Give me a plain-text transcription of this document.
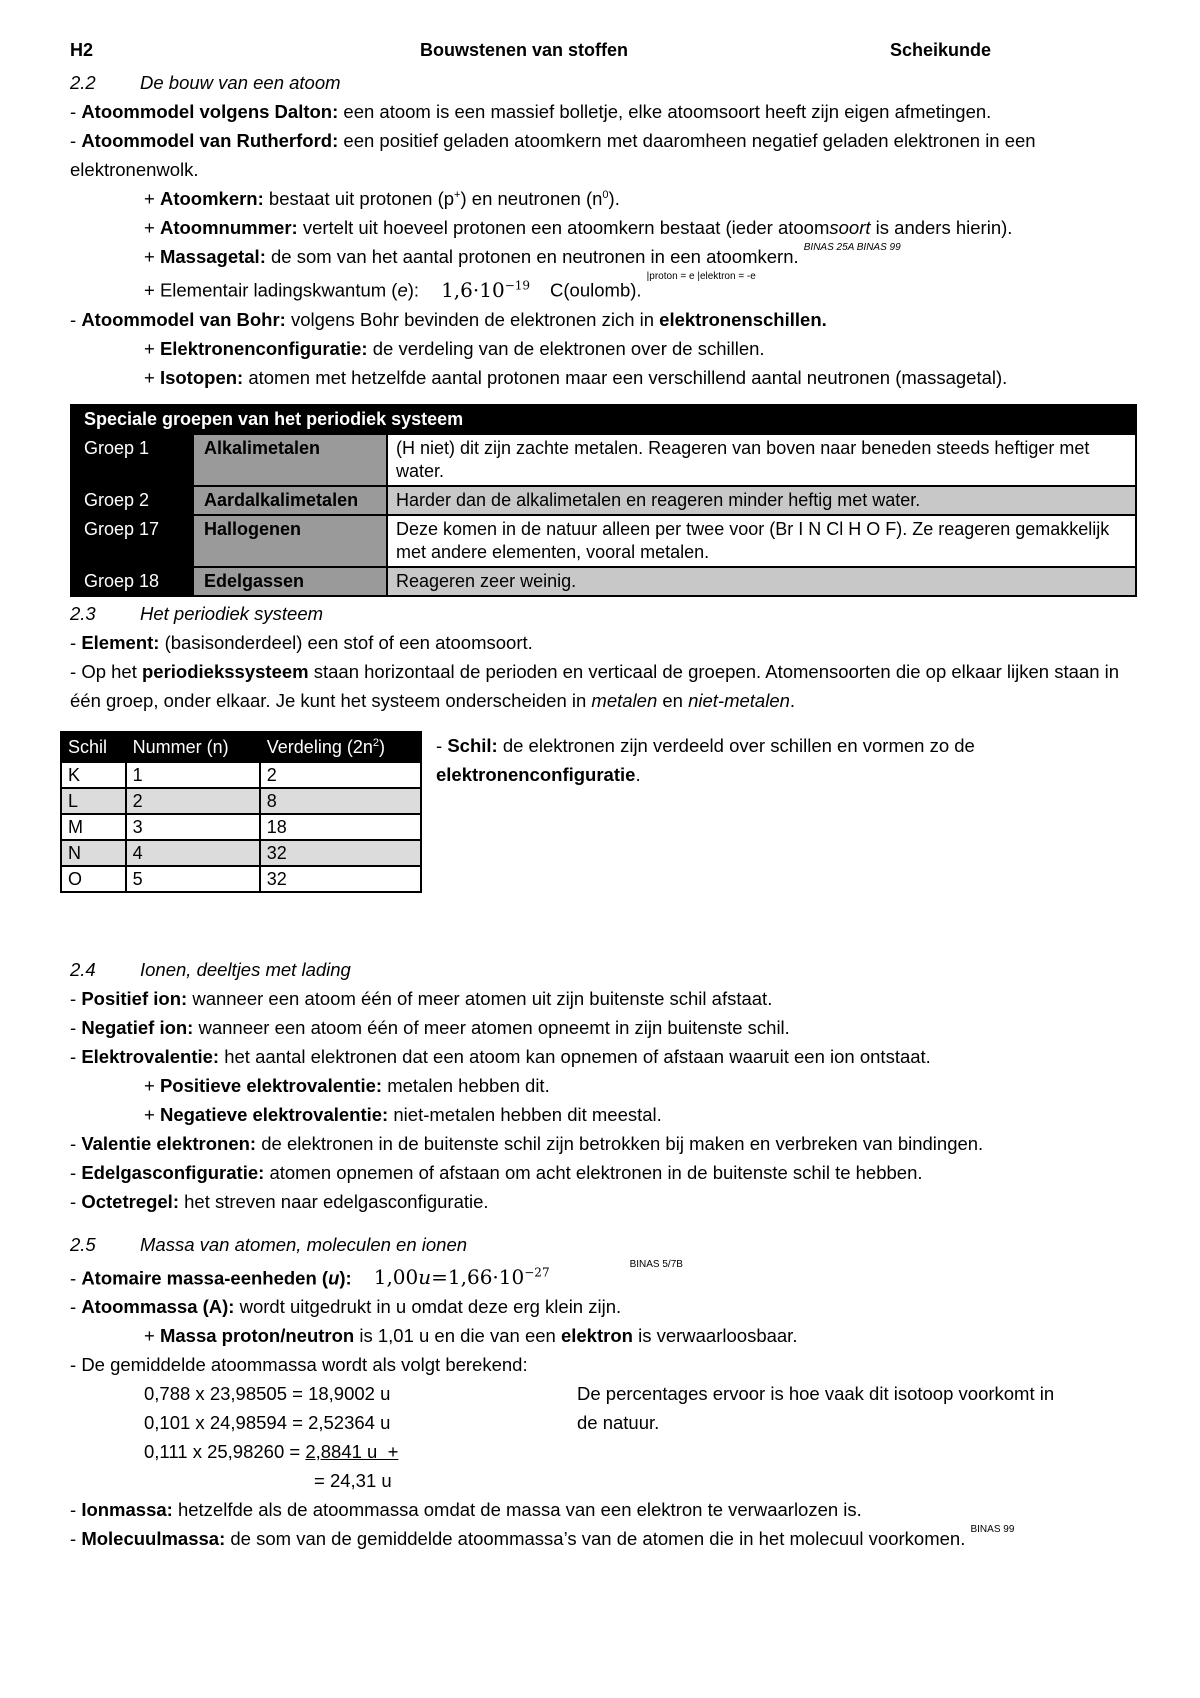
H2	Bouwstenen van stoffen	Scheikunde
2.2 De bouw van een atoom
- Atoommodel volgens Dalton: een atoom is een massief bolletje, elke atoomsoort heeft zijn eigen afmetingen.
- Atoommodel van Rutherford: een positief geladen atoomkern met daaromheen negatief geladen elektronen in een elektronenwolk.
+ Atoomkern: bestaat uit protonen (p+) en neutronen $(n^0)$.
+ Atoomnummer: vertelt uit hoeveel protonen een atoomkern bestaat (ieder atoomsoort is anders hierin).
+ Massagetal: de som van het aantal protonen en neutronen in een atoomkern. $^{BINAS 25A BINAS 99}$
+ Elementair ladingskwantum (e): $1,6\cdot 10^{-19}$ C(oulomb). $^{|proton = e |elektron = -e}$
- Atoommodel van Bohr: volgens Bohr bevinden de elektronen zich in elektronenschillen.
+ Elektronenconfiguratie: de verdeling van de elektronen over de schillen.
+ Isotopen: atomen met hetzelfde aantal protonen maar een verschillend aantal neutronen (massagetal).
Speciale groepen van het periodiek systeem		
Groep 1	Alkalimetalen	(H niet) dit zijn zachte metalen. Reageren van boven naar beneden steeds heftiger met water.
Groep 2	Aardalkalimetalen	Harder dan de alkalimetalen en reageren minder heftig met water.
Groep 17	Hallogenen	Deze komen in de natuur alleen per twee voor (Br I N Cl H O F). Ze reageren gemakkelijk met andere elementen, vooral metalen.
Groep 18	Edelgassen	Reageren zeer weinig.
2.3 Het periodiek systeem
- Element: (basisonderdeel) een stof of een atoomsoort.
- Op het periodiekssysteem staan horizontaal de perioden en verticaal de groepen. Atomensoorten die op elkaar lijken staan in één groep, onder elkaar. Je kunt het systeem onderscheiden in metalen en niet-metalen.
Schil	Nummer (n)	Verdeling $(2n^2)$
K	1	2
L	2	8
M	3	18
N	4	32
O	5	32
- Schil: de elektronen zijn verdeeld over schillen en vormen zo de elektronenconfiguratie.
2.4 Ionen, deeltjes met lading
- Positief ion: wanneer een atoom één of meer atomen uit zijn buitenste schil afstaat.
- Negatief ion: wanneer een atoom één of meer atomen opneemt in zijn buitenste schil.
- Elektrovalentie: het aantal elektronen dat een atoom kan opnemen of afstaan waaruit een ion ontstaat.
+ Positieve elektrovalentie: metalen hebben dit.
+ Negatieve elektrovalentie: niet-metalen hebben dit meestal.
- Valentie elektronen: de elektronen in de buitenste schil zijn betrokken bij maken en verbreken van bindingen.
- Edelgasconfiguratie: atomen opnemen of afstaan om acht elektronen in de buitenste schil te hebben.
- Octetregel: het streven naar edelgasconfiguratie.
2.5 Massa van atomen, moleculen en ionen
- Atomaire massa-eenheden (u): $1,00u=1,66\cdot 10^{-27BINAS 5/7B}$
- Atoommassa (A): wordt uitgedrukt in u omdat deze erg klein zijn.
+ Massa proton/neutron is 1,01 u en die van een elektron is verwaarloosbaar.
- De gemiddelde atoommassa wordt als volgt berekend:
0,788 x 23,98505 = 18,9002 u
0,101 x 24,98594 = 2,52364 u
0,111 x 25,98260 = 2,8841 u  +
= 24,31 u
De percentages ervoor is hoe vaak dit isotoop voorkomt in de natuur.
- Ionmassa: hetzelfde als de atoommassa omdat de massa van een elektron te verwaarlozen is.
- Molecuulmassa: de som van de gemiddelde atoommassa’s van de atomen die in het molecuul voorkomen. $^{BINAS 99}$
